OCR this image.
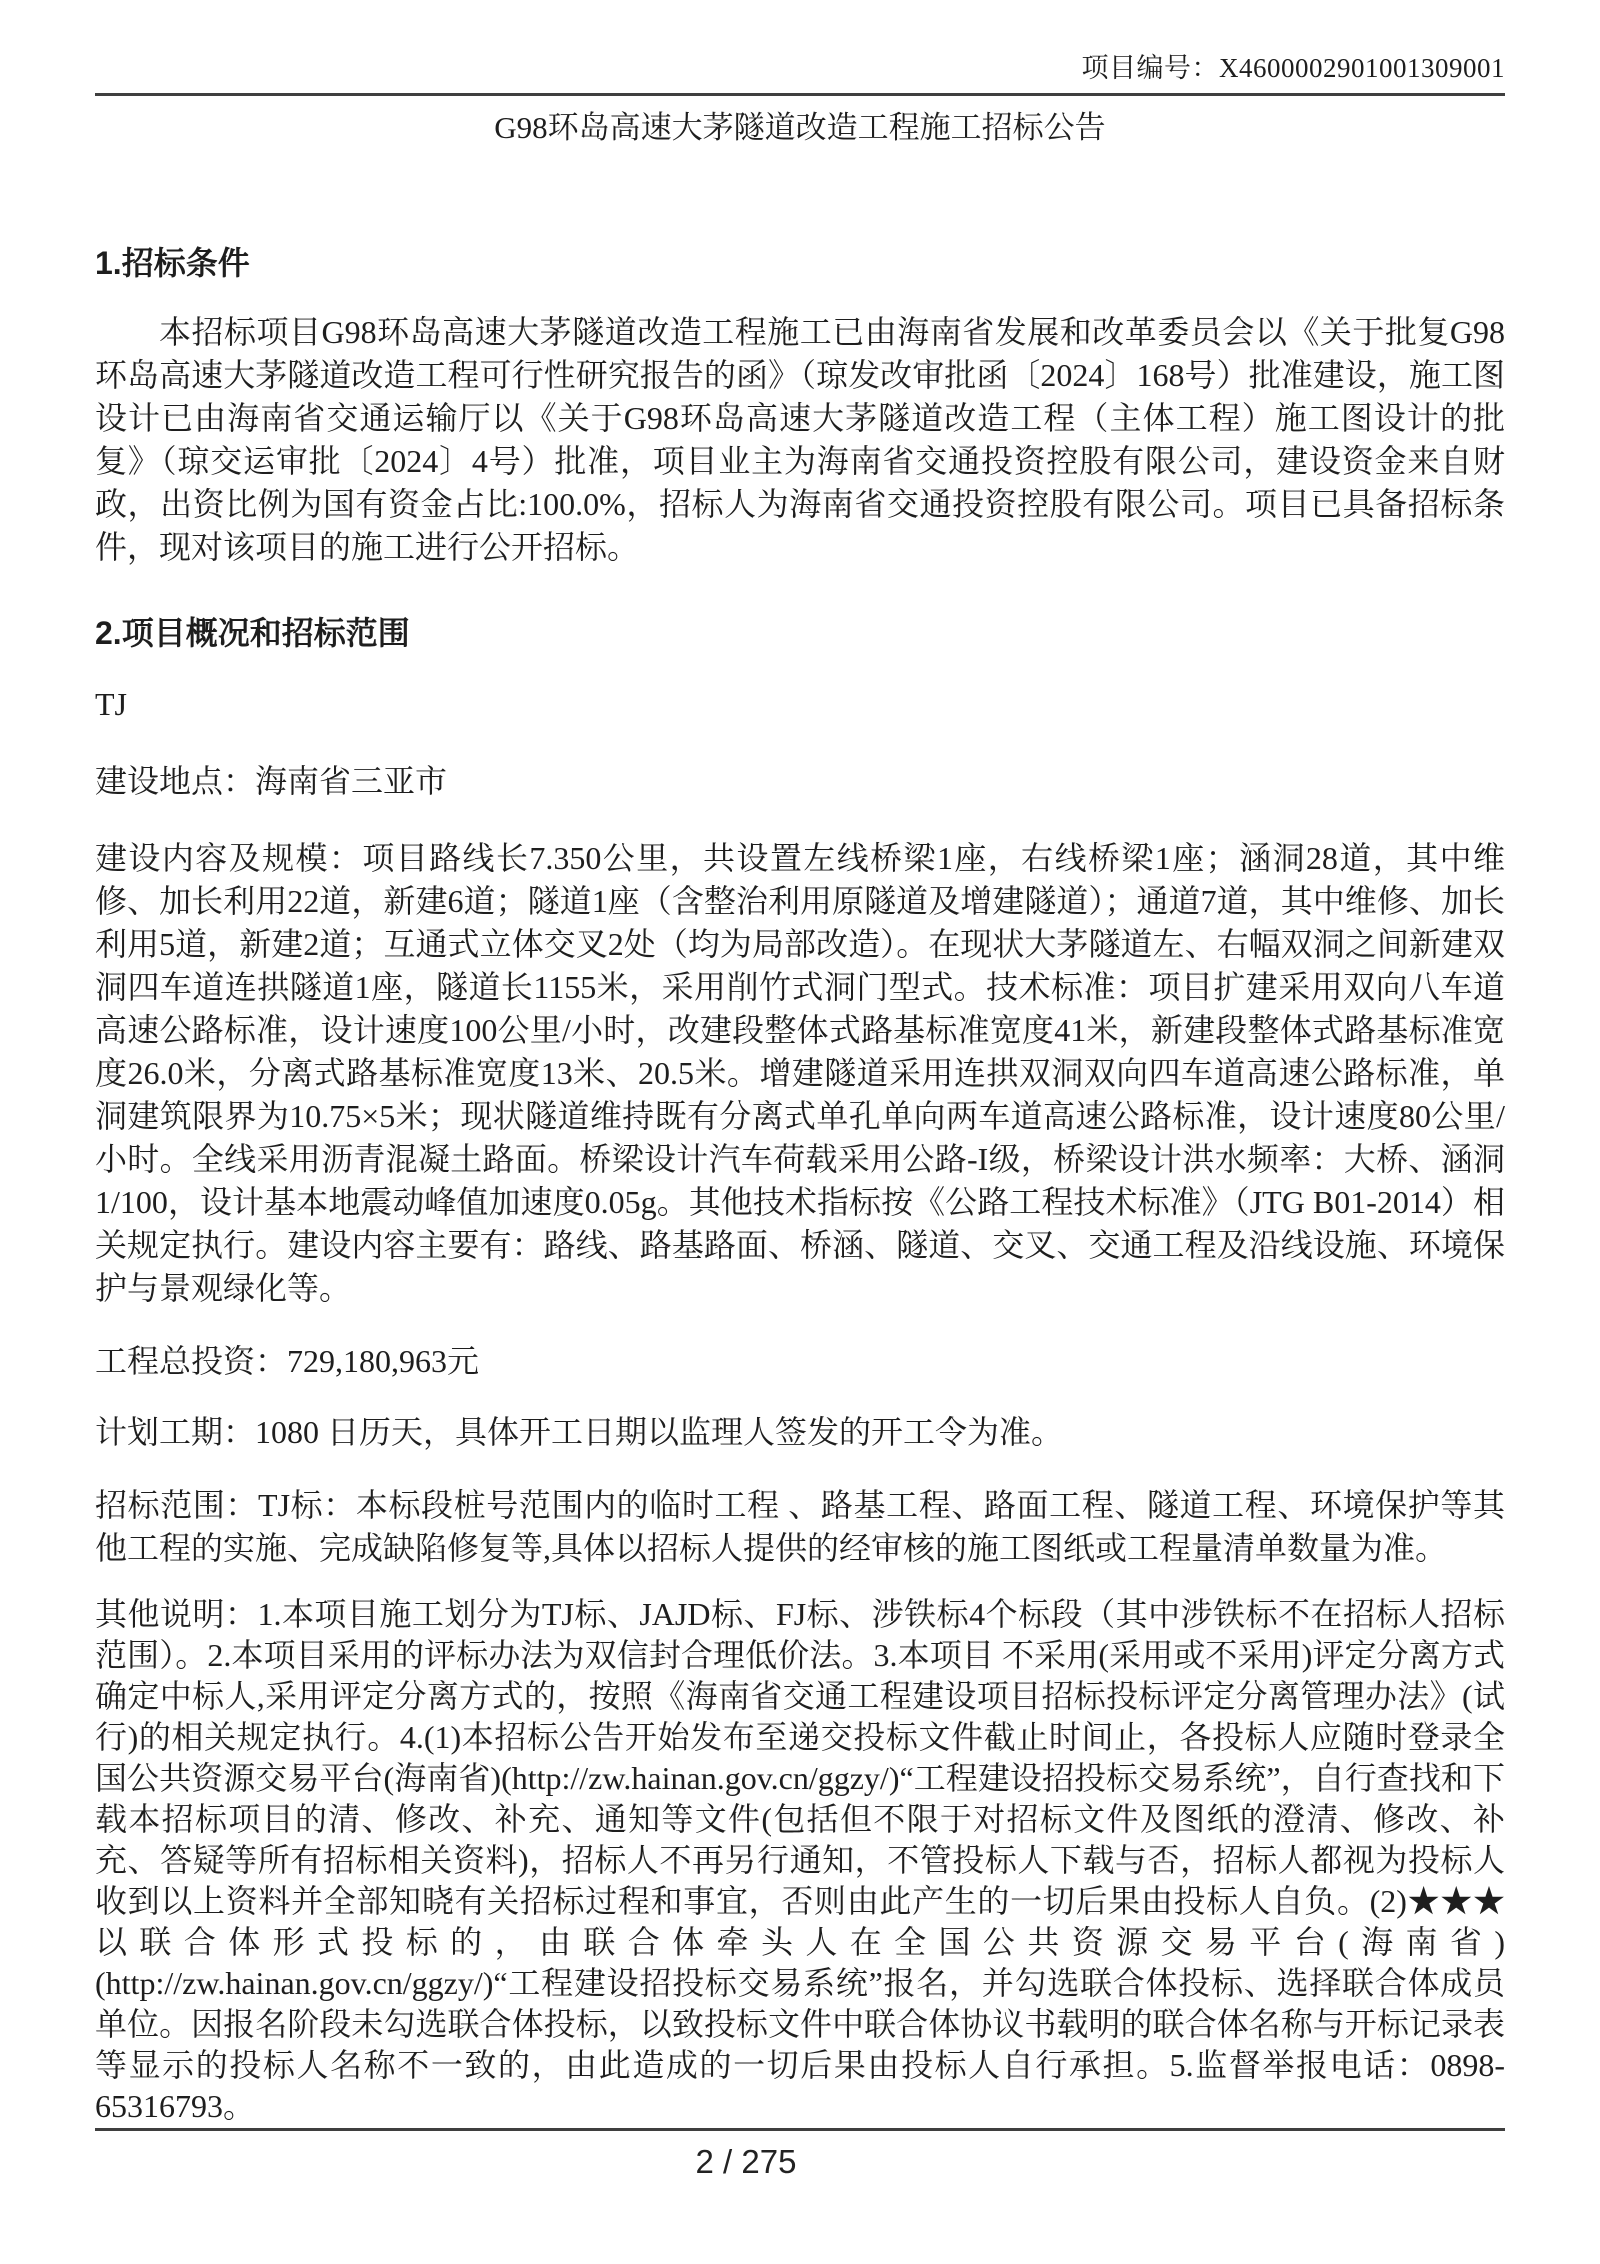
项目编号：X4600002901001309001
G98环岛高速大茅隧道改造工程施工招标公告
1.招标条件

本招标项目G98环岛高速大茅隧道改造工程施工已由海南省发展和改革委员会以《关于批复G98环岛高速大茅隧道改造工程可行性研究报告的函》（琼发改审批函〔2024〕168号）批准建设，施工图设计已由海南省交通运输厅以《关于G98环岛高速大茅隧道改造工程（主体工程）施工图设计的批复》（琼交运审批〔2024〕4号）批准，项目业主为海南省交通投资控股有限公司，建设资金来自财政，出资比例为国有资金占比:100.0%，招标人为海南省交通投资控股有限公司。项目已具备招标条件，现对该项目的施工进行公开招标。

2.项目概况和招标范围

TJ

建设地点：海南省三亚市

建设内容及规模：项目路线长7.350公里，共设置左线桥梁1座，右线桥梁1座；涵洞28道，其中维修、加长利用22道，新建6道；隧道1座（含整治利用原隧道及增建隧道）；通道7道，其中维修、加长利用5道，新建2道；互通式立体交叉2处（均为局部改造）。在现状大茅隧道左、右幅双洞之间新建双洞四车道连拱隧道1座，隧道长1155米，采用削竹式洞门型式。技术标准：项目扩建采用双向八车道高速公路标准，设计速度100公里/小时，改建段整体式路基标准宽度41米，新建段整体式路基标准宽度26.0米，分离式路基标准宽度13米、20.5米。增建隧道采用连拱双洞双向四车道高速公路标准，单洞建筑限界为10.75×5米；现状隧道维持既有分离式单孔单向两车道高速公路标准，设计速度80公里/小时。全线采用沥青混凝土路面。桥梁设计汽车荷载采用公路-I级，桥梁设计洪水频率：大桥、涵洞1/100，设计基本地震动峰值加速度0.05g。其他技术指标按《公路工程技术标准》（JTG B01-2014）相关规定执行。建设内容主要有：路线、路基路面、桥涵、隧道、交叉、交通工程及沿线设施、环境保护与景观绿化等。

工程总投资：729,180,963元

计划工期：1080 日历天，具体开工日期以监理人签发的开工令为准。

招标范围：TJ标：本标段桩号范围内的临时工程 、路基工程、路面工程、隧道工程、环境保护等其他工程的实施、完成缺陷修复等,具体以招标人提供的经审核的施工图纸或工程量清单数量为准。

其他说明：1.本项目施工划分为TJ标、JAJD标、FJ标、涉铁标4个标段（其中涉铁标不在招标人招标范围）。2.本项目采用的评标办法为双信封合理低价法。3.本项目 不采用(采用或不采用)评定分离方式确定中标人,采用评定分离方式的，按照《海南省交通工程建设项目招标投标评定分离管理办法》(试行)的相关规定执行。4.(1)本招标公告开始发布至递交投标文件截止时间止，各投标人应随时登录全国公共资源交易平台(海南省)(http://zw.hainan.gov.cn/ggzy/)“工程建设招投标交易系统”，自行查找和下载本招标项目的清、修改、补充、通知等文件(包括但不限于对招标文件及图纸的澄清、修改、补充、答疑等所有招标相关资料)，招标人不再另行通知，不管投标人下载与否，招标人都视为投标人收到以上资料并全部知晓有关招标过程和事宜，否则由此产生的一切后果由投标人自负。(2)★★★以联合体形式投标的，由联合体牵头人在全国公共资源交易平台(海南省)(http://zw.hainan.gov.cn/ggzy/)“工程建设招投标交易系统”报名，并勾选联合体投标、选择联合体成员单位。因报名阶段未勾选联合体投标，以致投标文件中联合体协议书载明的联合体名称与开标记录表等显示的投标人名称不一致的，由此造成的一切后果由投标人自行承担。5.监督举报电话：0898-65316793。

2 / 275
